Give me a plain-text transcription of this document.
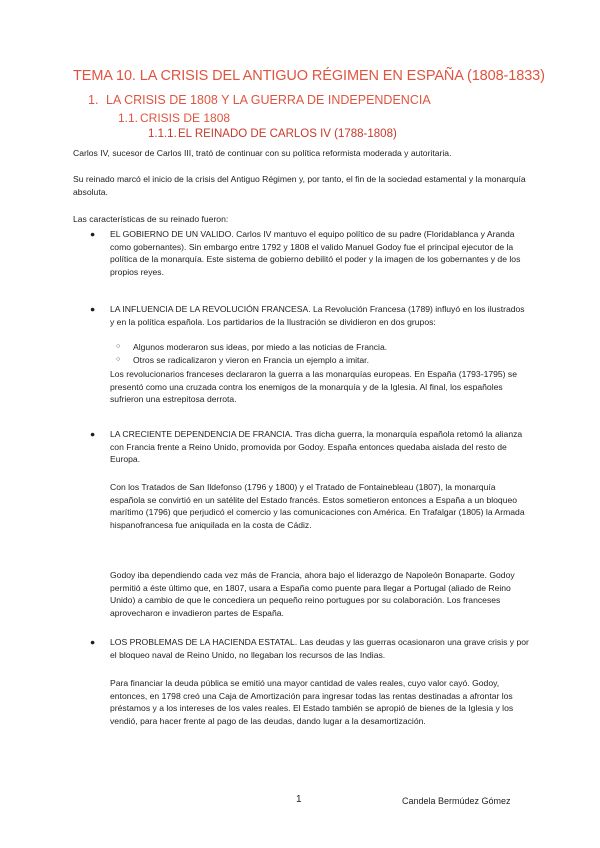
TEMA 10. LA CRISIS DEL ANTIGUO RÉGIMEN EN ESPAÑA (1808-1833)
1. LA CRISIS DE 1808 Y LA GUERRA DE INDEPENDENCIA
1.1. CRISIS DE 1808
1.1.1.EL REINADO DE CARLOS IV (1788-1808)
Carlos IV, sucesor de Carlos III, trató de continuar con su política reformista moderada y autoritaria.
Su reinado marcó el inicio de la crisis del Antiguo Régimen y, por tanto, el fin de la sociedad estamental y la monarquía absoluta.
Las características de su reinado fueron:
● EL GOBIERNO DE UN VALIDO. Carlos IV mantuvo el equipo político de su padre (Floridablanca y Aranda como gobernantes). Sin embargo entre 1792 y 1808 el valido Manuel Godoy fue el principal ejecutor de la política de la monarquía. Este sistema de gobierno debilitó el poder y la imagen de los gobernantes y de los propios reyes.
● LA INFLUENCIA DE LA REVOLUCIÓN FRANCESA. La Revolución Francesa (1789) influyó en los ilustrados y en la política española. Los partidarios de la Ilustración se dividieron en dos grupos:
○ Algunos moderaron sus ideas, por miedo a las noticias de Francia.
○ Otros se radicalizaron y vieron en Francia un ejemplo a imitar.
Los revolucionarios franceses declararon la guerra a las monarquías europeas. En España (1793-1795) se presentó como una cruzada contra los enemigos de la monarquía y de la Iglesia. Al final, los españoles sufrieron una estrepitosa derrota.
● LA CRECIENTE DEPENDENCIA DE FRANCIA. Tras dicha guerra, la monarquía española retomó la alianza con Francia frente a Reino Unido, promovida por Godoy. España entonces quedaba aislada del resto de Europa.
Con los Tratados de San Ildefonso (1796 y 1800) y el Tratado de Fontainebleau (1807), la monarquía española se convirtió en un satélite del Estado francés. Estos sometieron entonces a España a un bloqueo marítimo (1796) que perjudicó el comercio y las comunicaciones con América. En Trafalgar (1805) la Armada hispanofrancesa fue aniquilada en la costa de Cádiz.
Godoy iba dependiendo cada vez más de Francia, ahora bajo el liderazgo de Napoleón Bonaparte. Godoy permitió a éste último que, en 1807, usara a España como puente para llegar a Portugal (aliado de Reino Unido) a cambio de que le concediera un pequeño reino portugues por su colaboración. Los franceses aprovecharon e invadieron partes de España.
● LOS PROBLEMAS DE LA HACIENDA ESTATAL. Las deudas y las guerras ocasionaron una grave crisis y por el bloqueo naval de Reino Unido, no llegaban los recursos de las Indias.
Para financiar la deuda pública se emitió una mayor cantidad de vales reales, cuyo valor cayó. Godoy, entonces, en 1798 creó una Caja de Amortización para ingresar todas las rentas destinadas a afrontar los préstamos y a los intereses de los vales reales. El Estado también se apropió de bienes de la Iglesia y los vendió, para hacer frente al pago de las deudas, dando lugar a la desamortización.
1	Candela Bermúdez Gómez
